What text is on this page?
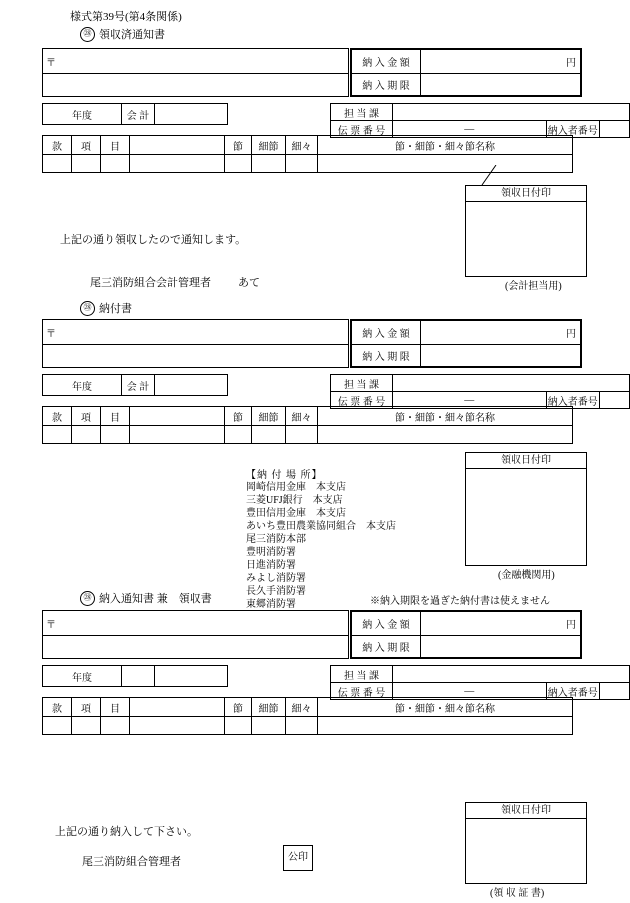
様式第39号(第4条関係)
㉘ 領収済通知書
〒	納 入 金 額	円
納 入 期 限	
年度	会 計		担 当 課			
伝 票 番 号	―	納入者番号	
款	項	目		節	細節	細々	節・細節・細々節名称

領収日付印
(会計担当用)
上記の通り領収したので通知します。
尾三消防組合会計管理者 あて
㉘ 納付書
〒	納 入 金 額	円
納 入 期 限	
年度	会 計		担 当 課			
伝 票 番 号	―	納入者番号	
款	項	目		節	細節	細々	節・細節・細々節名称

【納 付 場 所】
岡崎信用金庫　本支店
三菱UFJ銀行　本支店
豊田信用金庫　本支店
あいち豊田農業協同組合　本支店
尾三消防本部
豊明消防署
日進消防署
みよし消防署
長久手消防署
東郷消防署
領収日付印
(金融機関用)
㉘ 納入通知書 兼　領収書	※納入期限を過ぎた納付書は使えません
〒	納 入 金 額	円
納 入 期 限	
年度			担 当 課			
伝 票 番 号	―	納入者番号	
款	項	目		節	細節	細々	節・細節・細々節名称

領収日付印
(領 収 証 書)
上記の通り納入して下さい。
尾三消防組合管理者	公印
